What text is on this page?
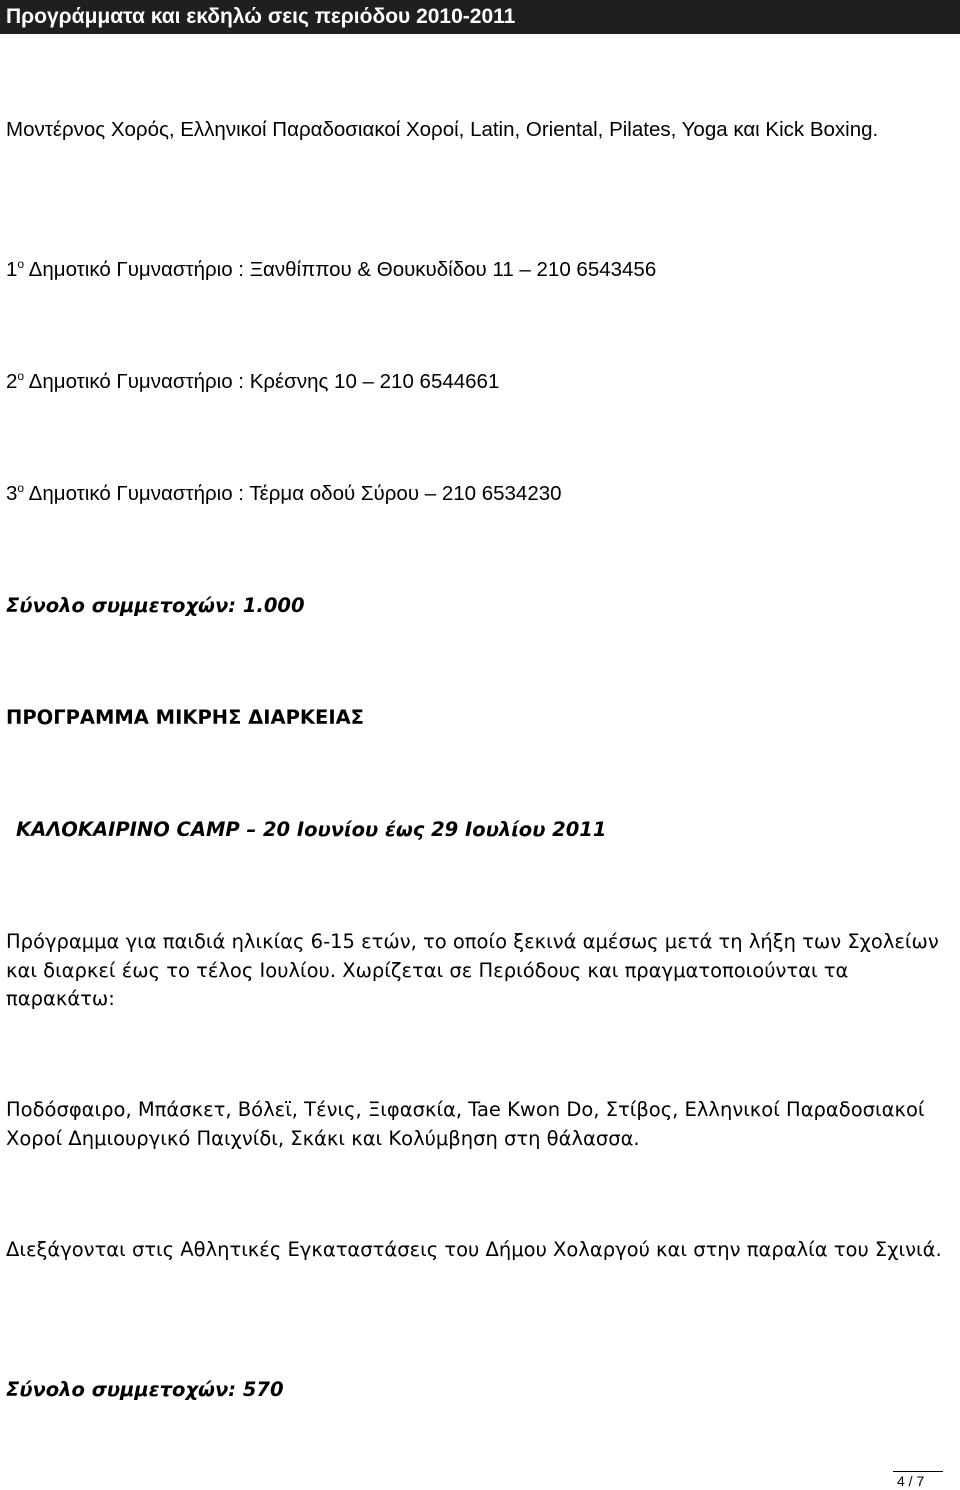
Προγράμματα και εκδηλώ σεις περιόδου 2010-2011

Μοντέρνος Χορός, Ελληνικοί Παραδοσιακοί Χοροί, Latin, Oriental, Pilates, Yoga και Kick Boxing.

$1^o$ Δημοτικό Γυμναστήριο : Ξανθίππου & Θουκυδίδου 11 – 210 6543456

$2^o$ Δημοτικό Γυμναστήριο : Κρέσνης 10 – 210 6544661

$3^o$ Δημοτικό Γυμναστήριο : Τέρμα οδού Σύρου – 210 6534230

Σύνολο συμμετοχών: 1.000

ΠΡΟΓΡΑΜΜΑ ΜΙΚΡΗΣ ΔΙΑΡΚΕΙΑΣ

ΚΑΛΟΚΑΙΡΙΝΟ CAMP – 20 Ιουνίου έως 29 Ιουλίου 2011

Πρόγραμμα για παιδιά ηλικίας 6-15 ετών, το οποίο ξεκινά αμέσως μετά τη λήξη των Σχολείων και διαρκεί έως το τέλος Ιουλίου. Χωρίζεται σε Περιόδους και πραγματοποιούνται τα παρακάτω:

Ποδόσφαιρο, Μπάσκετ, Βόλεϊ, Τένις, Ξιφασκία, Tae Kwon Do, Στίβος, Ελληνικοί Παραδοσιακοί Χοροί Δημιουργικό Παιχνίδι, Σκάκι και Κολύμβηση στη θάλασσα.

Διεξάγονται στις Αθλητικές Εγκαταστάσεις του Δήμου Χολαργού και στην παραλία του Σχινιά.

Σύνολο συμμετοχών: 570

4 / 7
